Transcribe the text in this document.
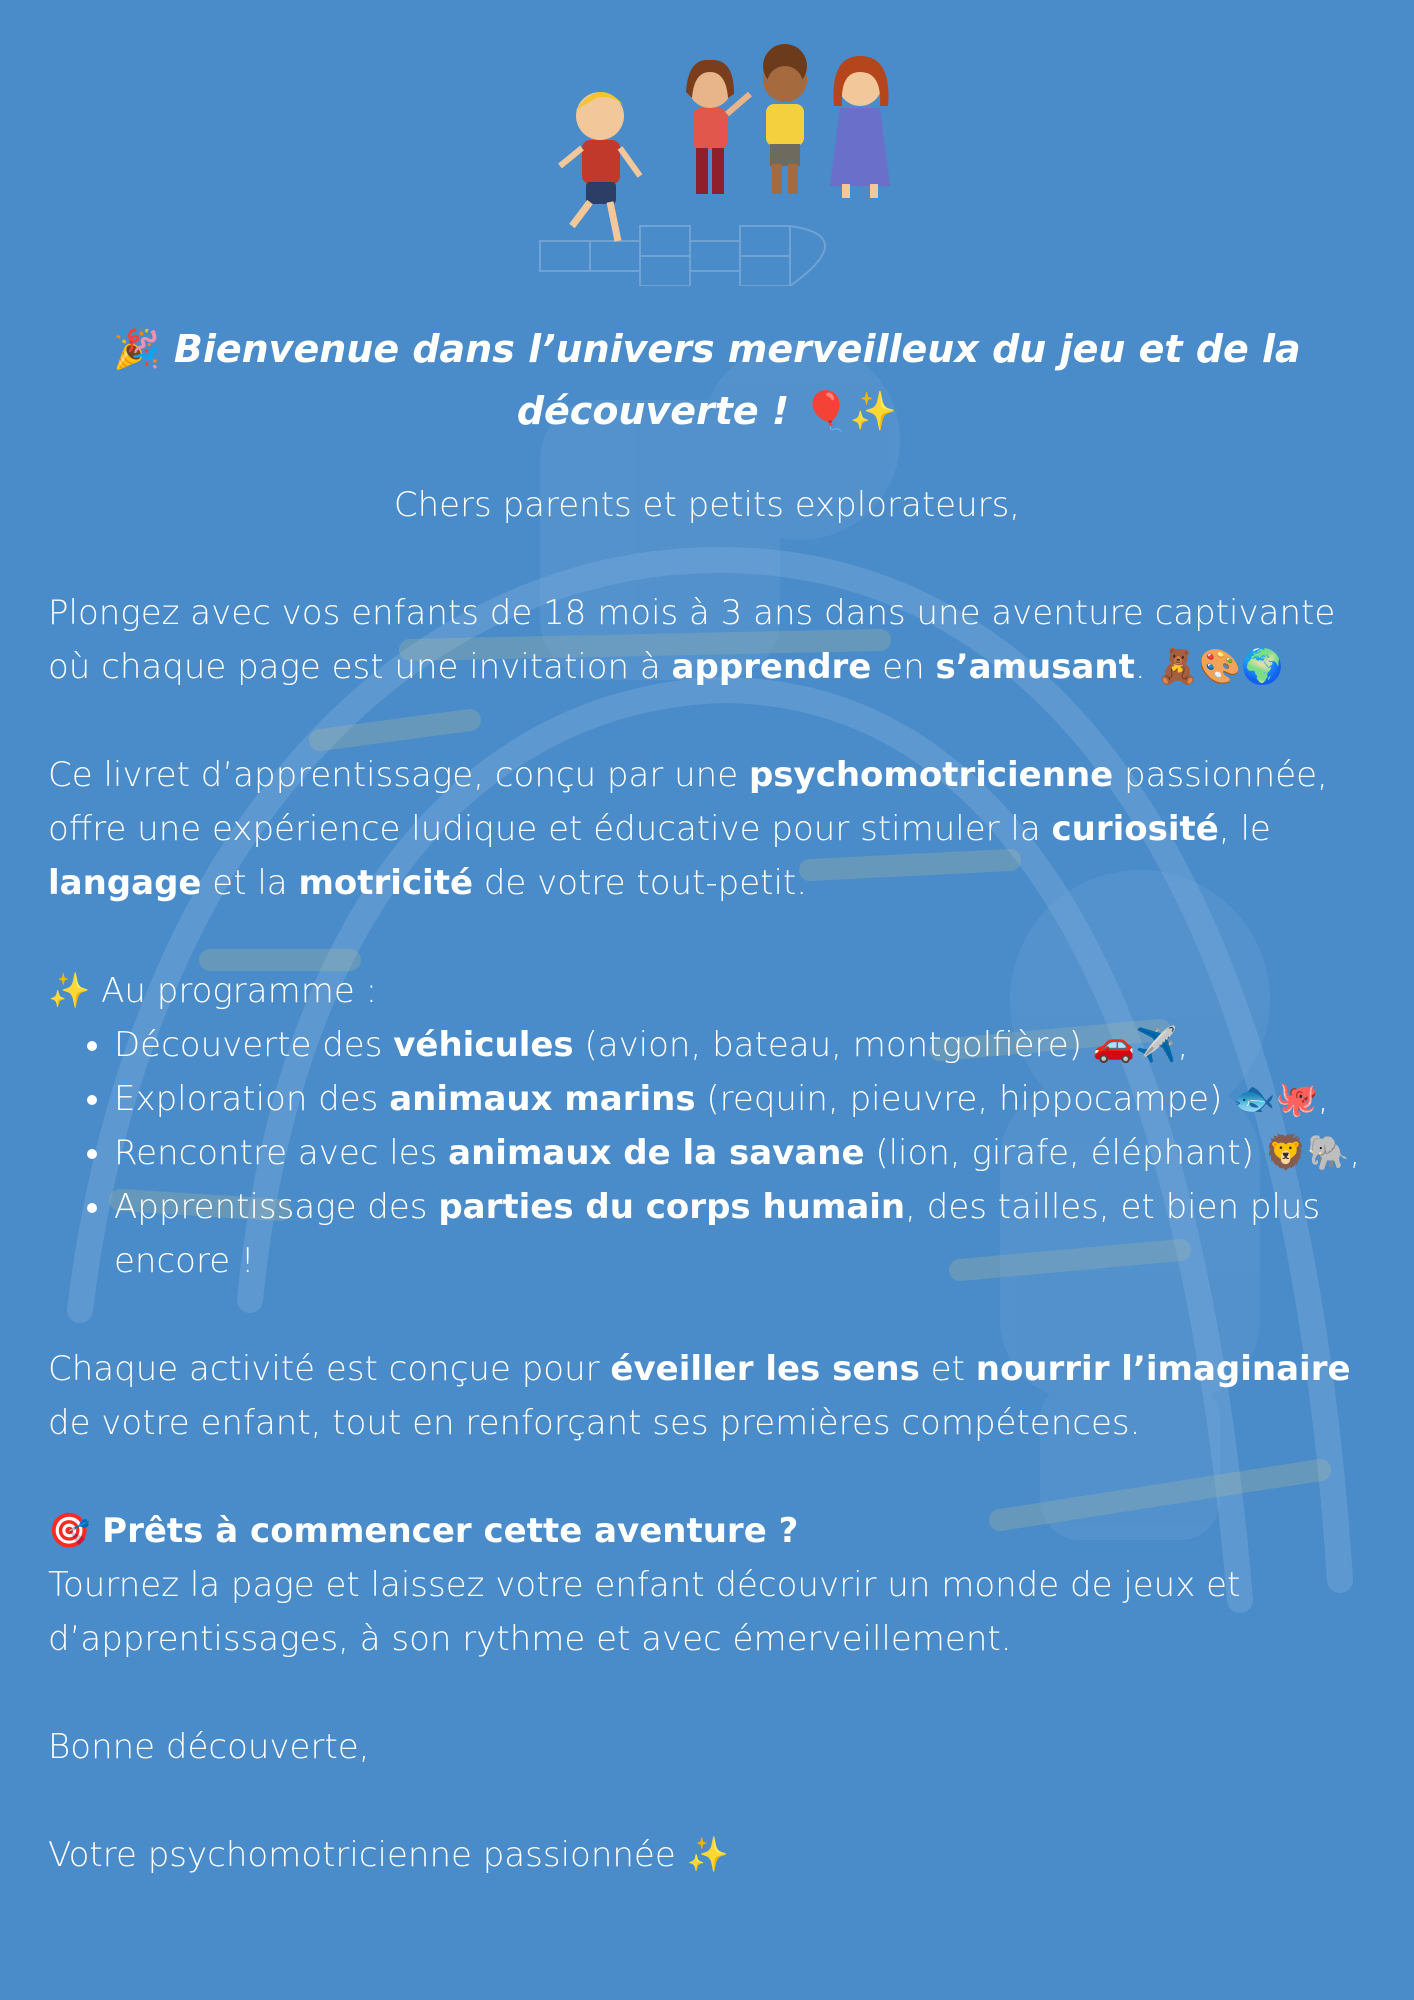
🎉 Bienvenue dans l’univers merveilleux du jeu et de la découverte ! 🎈✨

Chers parents et petits explorateurs,

Plongez avec vos enfants de 18 mois à 3 ans dans une aventure captivante où chaque page est une invitation à apprendre en s’amusant. 🧸🎨🌍

Ce livret d’apprentissage, conçu par une psychomotricienne passionnée, offre une expérience ludique et éducative pour stimuler la curiosité, le langage et la motricité de votre tout-petit.

✨ Au programme :

• Découverte des véhicules (avion, bateau, montgolfière) 🚗✈️,
• Exploration des animaux marins (requin, pieuvre, hippocampe) 🐟🐙,
• Rencontre avec les animaux de la savane (lion, girafe, éléphant) 🦁🐘,
• Apprentissage des parties du corps humain, des tailles, et bien plus encore !

Chaque activité est conçue pour éveiller les sens et nourrir l’imaginaire de votre enfant, tout en renforçant ses premières compétences.

🎯 Prêts à commencer cette aventure ?

Tournez la page et laissez votre enfant découvrir un monde de jeux et d’apprentissages, à son rythme et avec émerveillement.

Bonne découverte,

Votre psychomotricienne passionnée ✨
